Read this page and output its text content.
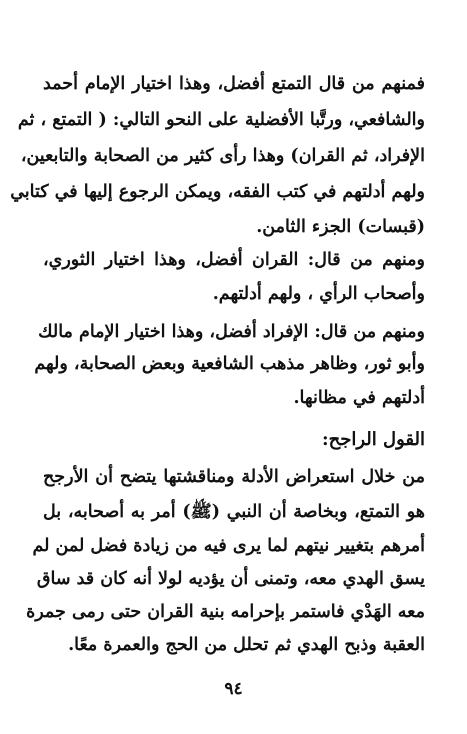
فمنهم من قال التمتع أفضل، وهذا اختيار الإمام أحمد
والشافعي، ورتَّبا الأفضلية على النحو التالي: ( التمتع ، ثم
الإفراد، ثم القران) وهذا رأى كثير من الصحابة والتابعين،
ولهم أدلتهم في كتب الفقه، ويمكن الرجوع إليها في كتابي
(قبسات) الجزء الثامن.
ومنهم من قال: القران أفضل، وهذا اختيار الثوري،
وأصحاب الرأي ، ولهم أدلتهم.
ومنهم من قال: الإفراد أفضل، وهذا اختيار الإمام مالك
وأبو ثور، وظاهر مذهب الشافعية وبعض الصحابة، ولهم
أدلتهم في مظانها.
القول الراجح:
من خلال استعراض الأدلة ومناقشتها يتضح أن الأرجح
هو التمتع، وبخاصة أن النبي (ﷺ) أمر به أصحابه، بل
أمرهم بتغيير نيتهم لما يرى فيه من زيادة فضل لمن لم
يسق الهدي معه، وتمنى أن يؤديه لولا أنه كان قد ساق
معه الهَدْي فاستمر بإحرامه بنية القران حتى رمى جمرة
العقبة وذبح الهدي ثم تحلل من الحج والعمرة معًا.
٩٤
